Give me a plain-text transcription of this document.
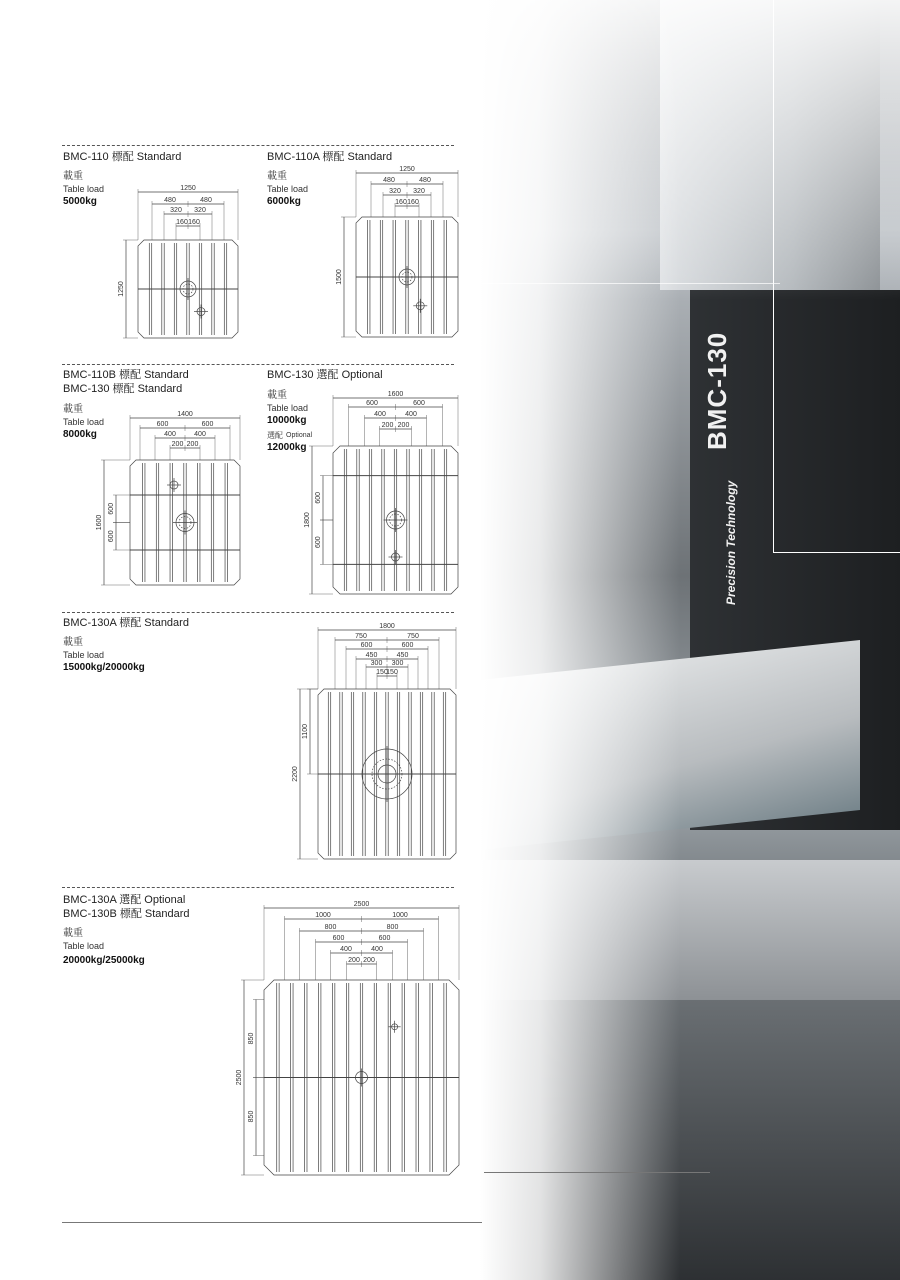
BMC-130
Precision Technology
BMC-110 標配 Standard
載重
Table load
5000kg
BMC-110A 標配 Standard
載重
Table load
6000kg
BMC-110B 標配 Standard
BMC-130 標配 Standard
載重
Table load
8000kg
BMC-130 選配 Optional
載重
Table load
10000kg
選配 Optional
12000kg
BMC-130A 標配 Standard
載重
Table load
15000kg/20000kg
BMC-130A 選配 Optional
BMC-130B 標配 Standard
載重
Table load
20000kg/25000kg
1250
480	480
320 320
160 160
1250
1250
480	480
320 320
160 160
1500
1400
600	600
400	400
200 200
1600
600
600
1600
600	600
400	400
200 200
1800
600
600
1800
750	750
600	600
450	450
300 300
150
150
2200
1100
2500
1000	1000
800	800
600	600
400	400
200 200
2500
850
850
